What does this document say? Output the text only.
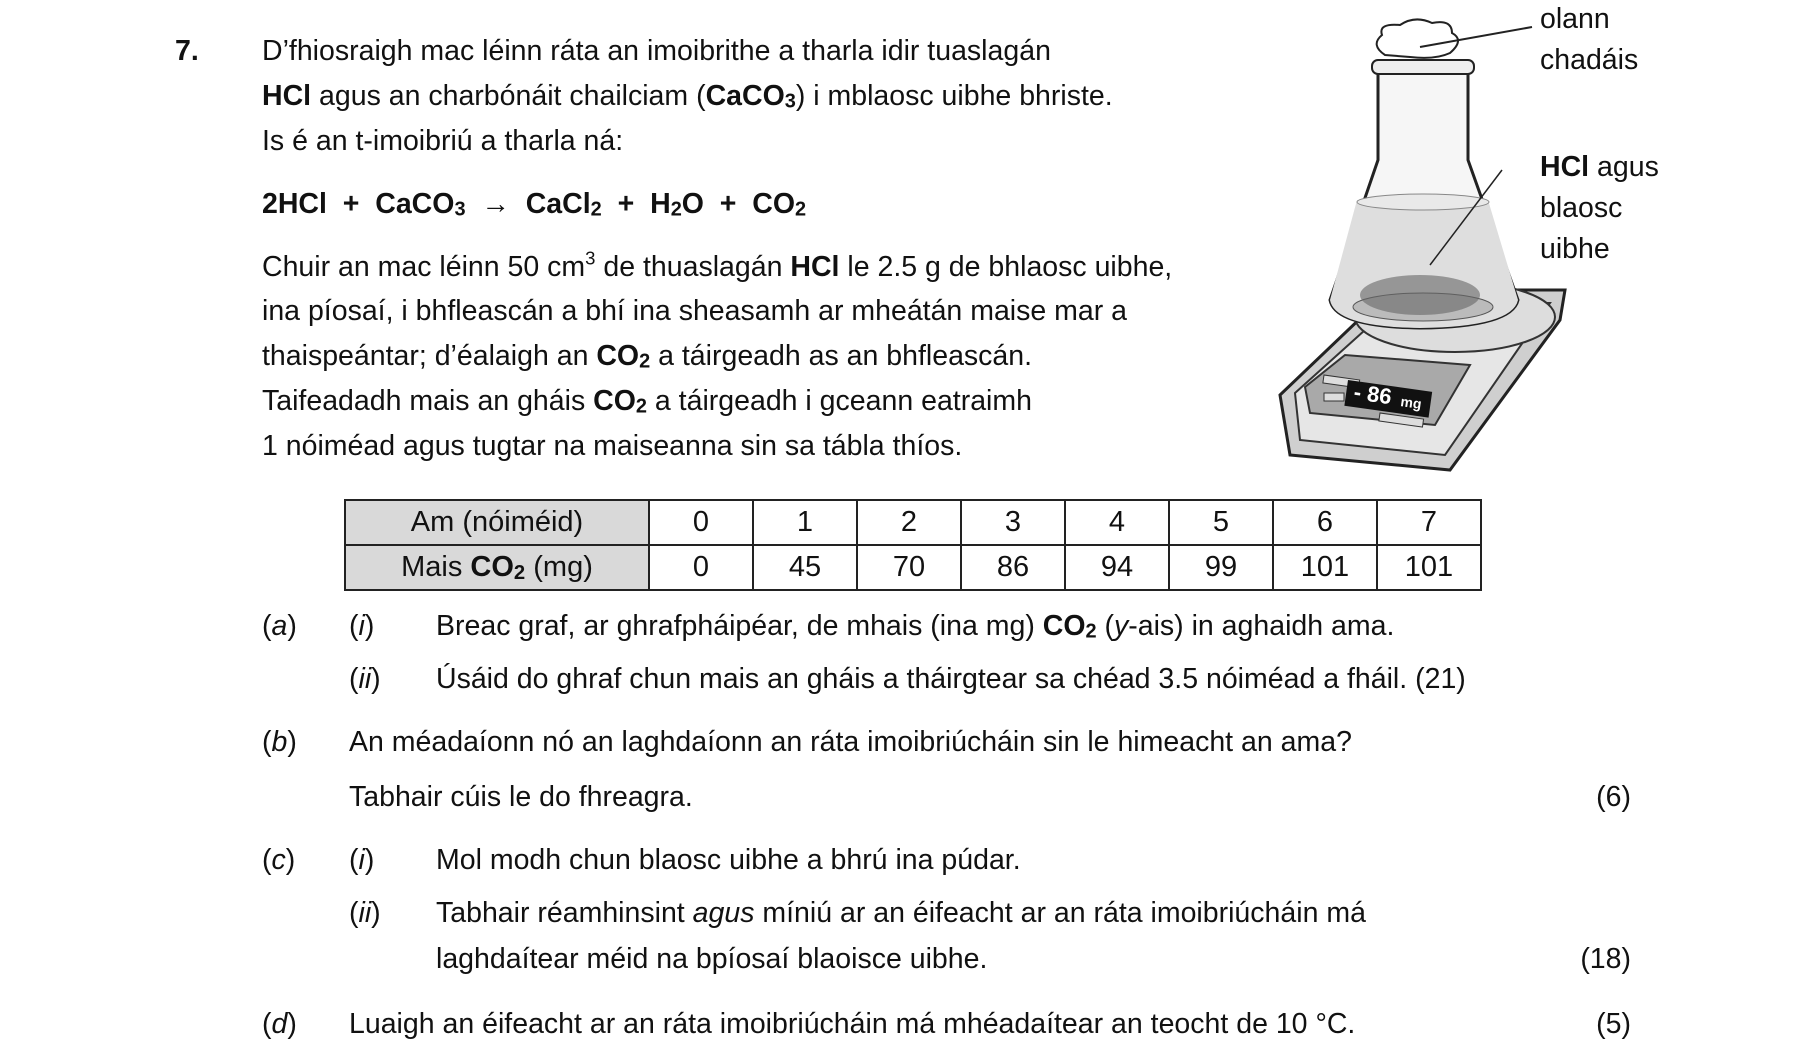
7. D’fhiosraigh mac léinn ráta an imoibrithe a tharla idir tuaslagán
HCl agus an charbónáit chailciam (CaCO$_3$) i mblaosc uibhe bhriste.
Is é an t-imoibriú a tharla ná:
2HCl  +  CaCO$_3$ → CaCl$_2$ + $H_2O + CO_2$
Chuir an mac léinn 50 $cm^3$ de thuaslagán HCl le 2.5 g de bhlaosc uibhe,
ina píosaí, i bhfleascán a bhí ina sheasamh ar mheátán maise mar a
thaispeántar; d’éalaigh an $CO_2$ a táirgeadh as an bhfleascán.
Taifeadadh mais an gháis $CO_2$ a táirgeadh i gceann eatraimh
1 nóiméad agus tugtar na maiseanna sin sa tábla thíos.
- 86 mg
olann
chadáis
HCl agus
blaosc
uibhe
Am (nóiméid)	0	1	2	3	4	5	6	7
Mais $CO_2$ (mg)	0	45	70	86	94	99	101	101
(a) (i) Breac graf, ar ghrafpháipéar, de mhais (ina mg) $CO_2$ (y-ais) in aghaidh ama.
(ii) Úsáid do ghraf chun mais an gháis a tháirgtear sa chéad 3.5 nóiméad a fháil. (21)
(b) An méadaíonn nó an laghdaíonn an ráta imoibriúcháin sin le himeacht an ama?
Tabhair cúis le do fhreagra.	(6)
(c) (i) Mol modh chun blaosc uibhe a bhrú ina púdar.
(ii) Tabhair réamhinsint agus míniú ar an éifeacht ar an ráta imoibriúcháin má
laghdaítear méid na bpíosaí blaoisce uibhe.	(18)
(d) Luaigh an éifeacht ar an ráta imoibriúcháin má mhéadaítear an teocht de 10 °C.	(5)
